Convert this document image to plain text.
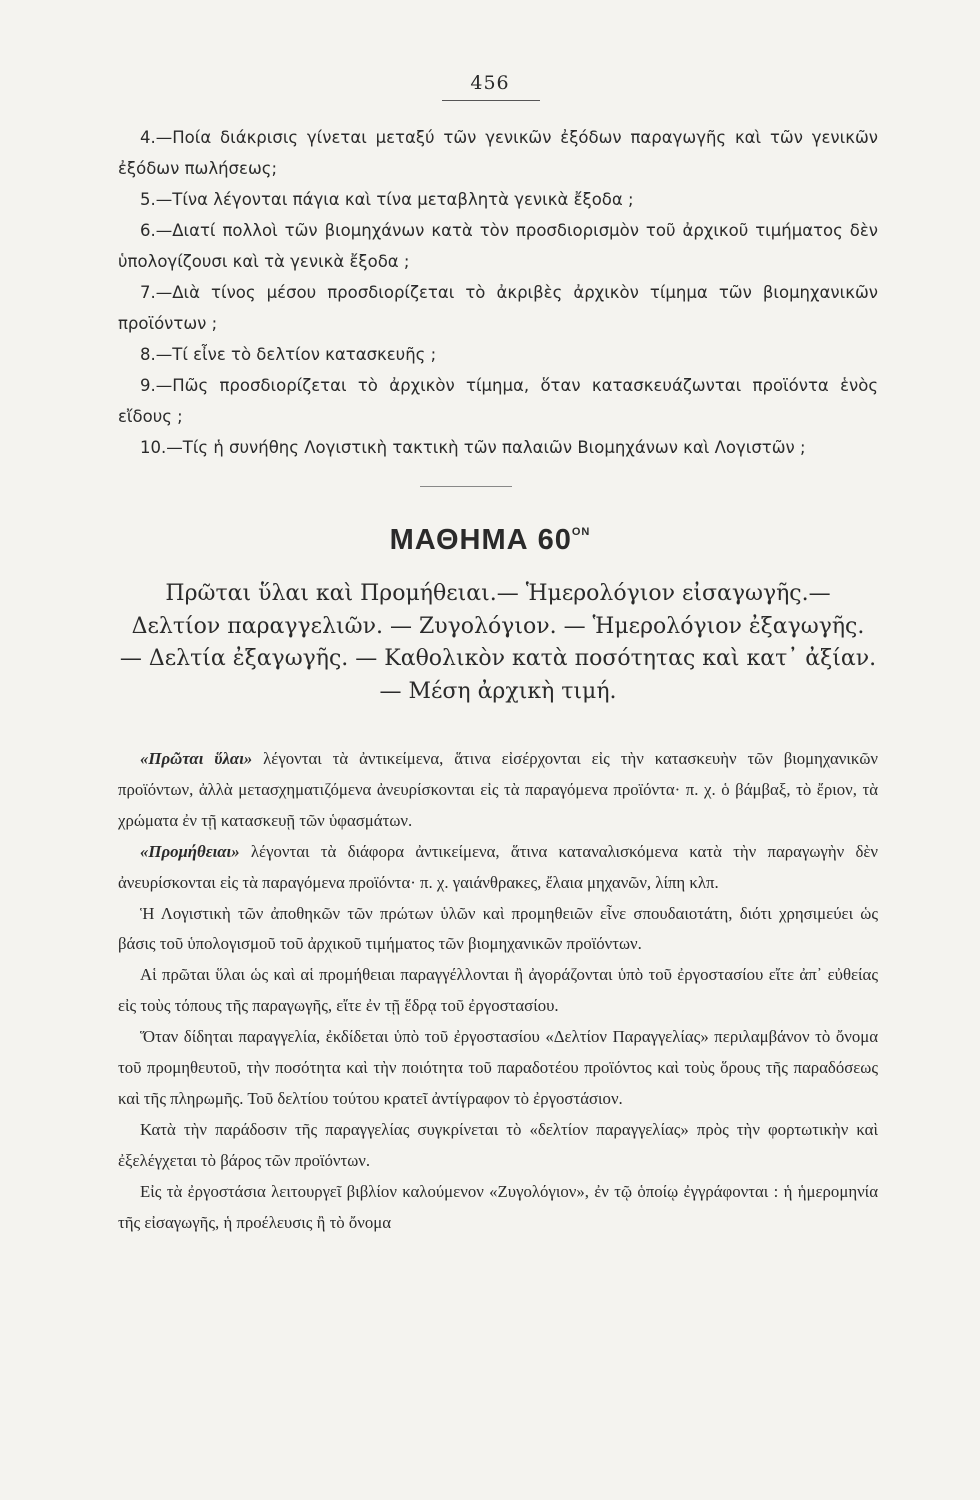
456

4.—Ποία διάκρισις γίνεται μεταξύ τῶν γενικῶν ἐξόδων παραγωγῆς καὶ τῶν γενικῶν ἐξόδων πωλήσεως;

5.—Τίνα λέγονται πάγια καὶ τίνα μεταβλητὰ γενικὰ ἔξοδα ;

6.—Διατί πολλοὶ τῶν βιομηχάνων κατὰ τὸν προσδιορισμὸν τοῦ ἀρχικοῦ τιμήματος δὲν ὑπολογίζουσι καὶ τὰ γενικὰ ἔξοδα ;

7.—Διὰ τίνος μέσου προσδιορίζεται τὸ ἀκριβὲς ἀρχικὸν τίμημα τῶν βιομηχανικῶν προϊόντων ;

8.—Τί εἶνε τὸ δελτίον κατασκευῆς ;

9.—Πῶς προσδιορίζεται τὸ ἀρχικὸν τίμημα, ὅταν κατασκευάζωνται προϊόντα ἑνὸς εἴδους ;

10.—Τίς ἡ συνήθης Λογιστικὴ τακτικὴ τῶν παλαιῶν Βιομηχάνων καὶ Λογιστῶν ;

ΜΑΘΗΜΑ $60^{ON}$
Πρῶται ὕλαι καὶ Προμήθειαι.— Ἡμερολόγιον εἰσαγωγῆς.— Δελτίον παραγγελιῶν. — Ζυγολόγιον. — Ἡμερολόγιον ἐξαγωγῆς. — Δελτία ἐξαγωγῆς. — Καθολικὸν κατὰ ποσότητας καὶ κατ᾿ ἀξίαν. — Μέση ἀρχικὴ τιμή.

«Πρῶται ὕλαι» λέγονται τὰ ἀντικείμενα, ἅτινα εἰσέρχονται εἰς τὴν κατασκευὴν τῶν βιομηχανικῶν προϊόντων, ἀλλὰ μετασχηματιζόμενα ἀνευρίσκονται εἰς τὰ παραγόμενα προϊόντα· π. χ. ὁ βάμβαξ, τὸ ἔριον, τὰ χρώματα ἐν τῇ κατασκευῇ τῶν ὑφασμάτων.

«Προμήθειαι» λέγονται τὰ διάφορα ἀντικείμενα, ἅτινα καταναλισκόμενα κατὰ τὴν παραγωγὴν δὲν ἀνευρίσκονται εἰς τὰ παραγόμενα προϊόντα· π. χ. γαιάνθρακες, ἔλαια μηχανῶν, λίπη κλπ.

Ἡ Λογιστικὴ τῶν ἀποθηκῶν τῶν πρώτων ὑλῶν καὶ προμηθειῶν εἶνε σπουδαιοτάτη, διότι χρησιμεύει ὡς βάσις τοῦ ὑπολογισμοῦ τοῦ ἀρχικοῦ τιμήματος τῶν βιομηχανικῶν προϊόντων.

Αἱ πρῶται ὕλαι ὡς καὶ αἱ προμήθειαι παραγγέλλονται ἢ ἀγοράζονται ὑπὸ τοῦ ἐργοστασίου εἴτε ἀπ᾿ εὐθείας εἰς τοὺς τόπους τῆς παραγωγῆς, εἴτε ἐν τῇ ἕδρᾳ τοῦ ἐργοστασίου.

Ὅταν δίδηται παραγγελία, ἐκδίδεται ὑπὸ τοῦ ἐργοστασίου «Δελτίον Παραγγελίας» περιλαμβάνον τὸ ὄνομα τοῦ προμηθευτοῦ, τὴν ποσότητα καὶ τὴν ποιότητα τοῦ παραδοτέου προϊόντος καὶ τοὺς ὅρους τῆς παραδόσεως καὶ τῆς πληρωμῆς. Τοῦ δελτίου τούτου κρατεῖ ἀντίγραφον τὸ ἐργοστάσιον.

Κατὰ τὴν παράδοσιν τῆς παραγγελίας συγκρίνεται τὸ «δελτίον παραγγελίας» πρὸς τὴν φορτωτικὴν καὶ ἐξελέγχεται τὸ βάρος τῶν προϊόντων.

Εἰς τὰ ἐργοστάσια λειτουργεῖ βιβλίον καλούμενον «Ζυγολόγιον», ἐν τῷ ὁποίῳ ἐγγράφονται : ἡ ἡμερομηνία τῆς εἰσαγωγῆς, ἡ προέλευσις ἢ τὸ ὄνομα
